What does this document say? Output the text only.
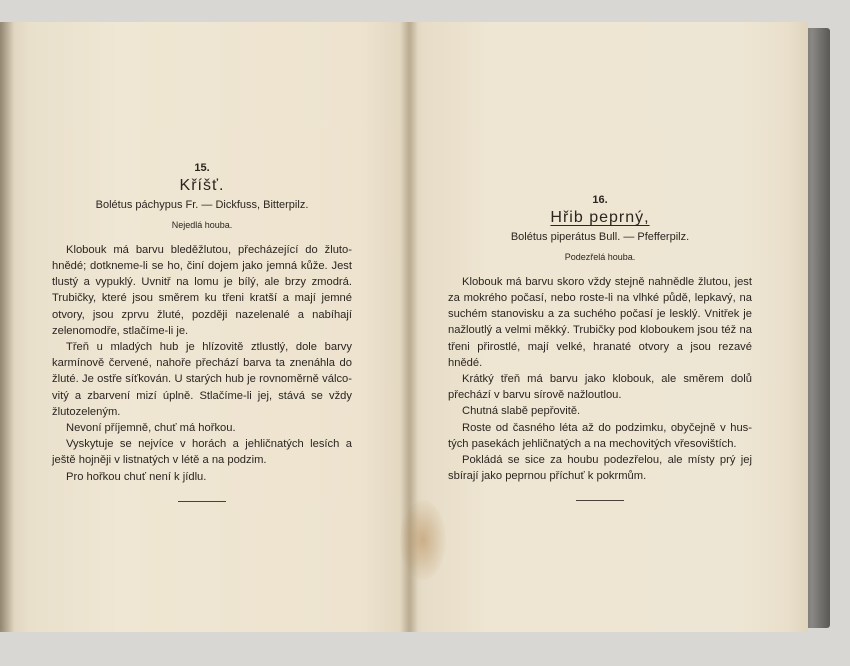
15.
Kříšť.
Bolétus páchypus Fr. — Dickfuss, Bitterpilz.
Nejedlá houba.
Klobouk má barvu bleděžlutou, přecházející do žlutohnědé; dotkneme-li se ho, činí dojem jako jemná kůže. Jest tlustý a vypuklý. Uvnitř na lomu je bílý, ale brzy zmodrá. Trubičky, které jsou směrem ku třeni kratší a mají jemné otvory, jsou zprvu žluté, později nazelenalé a nabíhají zelenomodře, stlačíme-li je.
Třeň u mladých hub je hlízovitě ztlustlý, dole barvy karmínově červené, nahoře přechází barva ta znenáhla do žluté. Je ostře síťkován. U starých hub je rovnoměrně válcovitý a zbarvení mizí úplně. Stlačíme-li jej, stává se vždy žlutozeleným.
Nevoní příjemně, chuť má hořkou.
Vyskytuje se nejvíce v horách a jehličnatých lesích a ještě hojněji v listnatých v létě a na podzim.
Pro hořkou chuť není k jídlu.
16.
Hřib peprný,
Bolétus piperátus Bull. — Pfefferpilz.
Podezřelá houba.
Klobouk má barvu skoro vždy stejně nahnědle žlutou, jest za mokrého počasí, nebo roste-li na vlhké půdě, lepkavý, na suchém stanovisku a za suchého počasí je lesklý. Vnitřek je nažloutlý a velmi měkký. Trubičky pod kloboukem jsou též na třeni přirostlé, mají velké, hranaté otvory a jsou rezavé hnědé.
Krátký třeň má barvu jako klobouk, ale směrem dolů přechází v barvu sírově nažloutlou.
Chutná slabě pepřovitě.
Roste od časného léta až do podzimku, obyčejně v hustých pasekách jehličnatých a na mechovitých vřesovištích.
Pokládá se sice za houbu podezřelou, ale místy prý jej sbírají jako peprnou příchuť k pokrmům.
